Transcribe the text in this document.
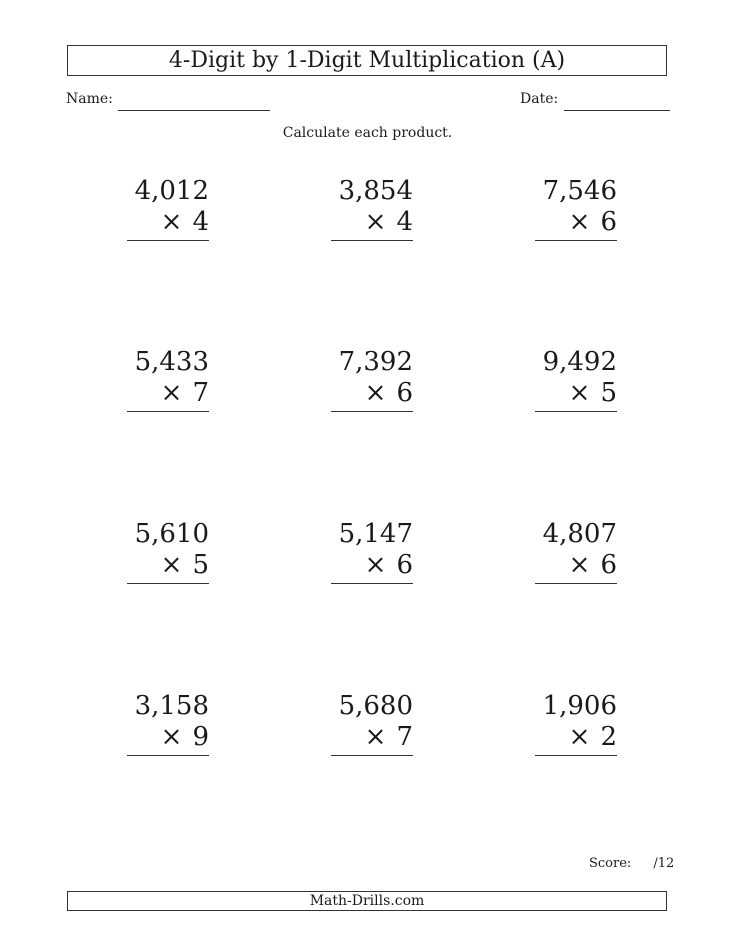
4-Digit by 1-Digit Multiplication (A)
Name:	Date:
Calculate each product.
4,012
× 4
3,854
× 4
7,546
× 6
5,433
× 7
7,392
× 6
9,492
× 5
5,610
× 5
5,147
× 6
4,807
× 6
3,158
× 9
5,680
× 7
1,906
× 2
Score: /12
Math-Drills.com
